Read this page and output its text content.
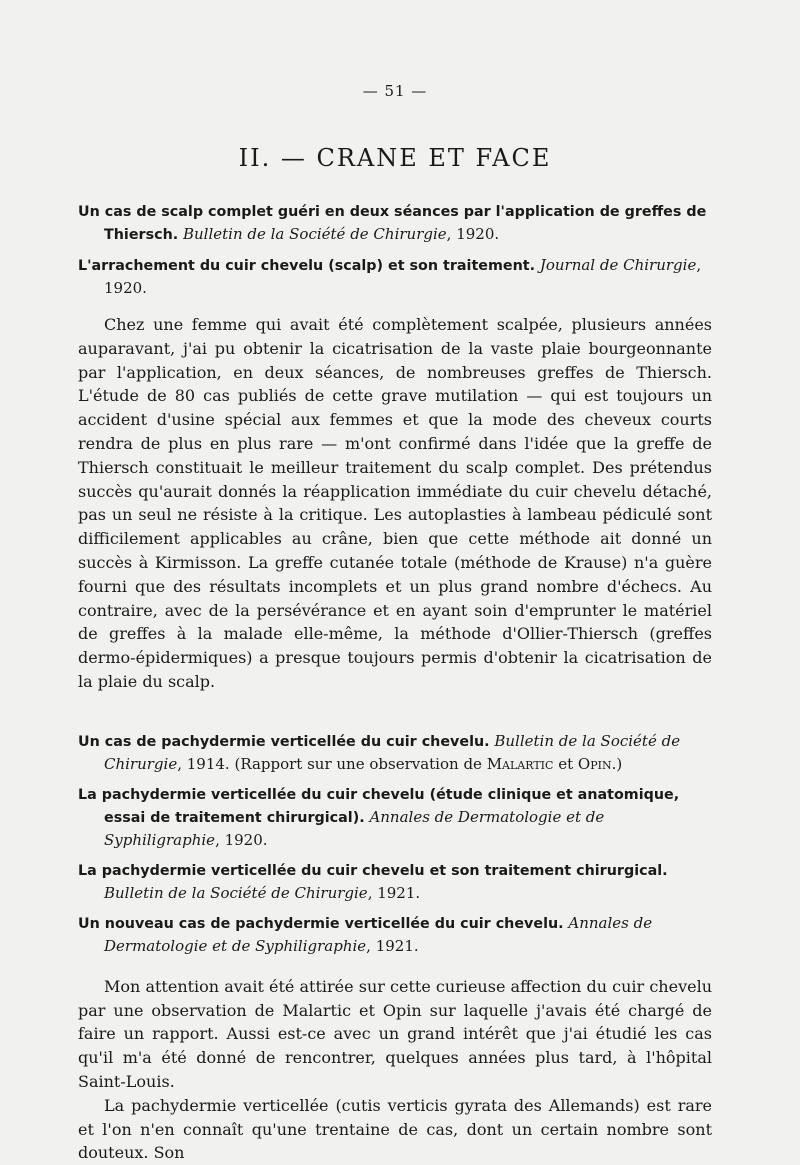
— 51 —
II. — CRANE ET FACE

Un cas de scalp complet guéri en deux séances par l'application de greffes de Thiersch. Bulletin de la Société de Chirurgie, 1920.

L'arrachement du cuir chevelu (scalp) et son traitement. Journal de Chirurgie, 1920.

Chez une femme qui avait été complètement scalpée, plusieurs années auparavant, j'ai pu obtenir la cicatrisation de la vaste plaie bourgeonnante par l'application, en deux séances, de nombreuses greffes de Thiersch. L'étude de 80 cas publiés de cette grave mutilation — qui est toujours un accident d'usine spécial aux femmes et que la mode des cheveux courts rendra de plus en plus rare — m'ont confirmé dans l'idée que la greffe de Thiersch constituait le meilleur traitement du scalp complet. Des prétendus succès qu'aurait donnés la réapplication immédiate du cuir chevelu détaché, pas un seul ne résiste à la critique. Les autoplasties à lambeau pédiculé sont difficilement applicables au crâne, bien que cette méthode ait donné un succès à Kirmisson. La greffe cutanée totale (méthode de Krause) n'a guère fourni que des résultats incomplets et un plus grand nombre d'échecs. Au contraire, avec de la persévérance et en ayant soin d'emprunter le matériel de greffes à la malade elle-même, la méthode d'Ollier-Thiersch (greffes dermo-épidermiques) a presque toujours permis d'obtenir la cicatrisation de la plaie du scalp.

Un cas de pachydermie verticellée du cuir chevelu. Bulletin de la Société de Chirurgie, 1914. (Rapport sur une observation de Malartic et Opin.)

La pachydermie verticellée du cuir chevelu (étude clinique et anatomique, essai de traitement chirurgical). Annales de Dermatologie et de Syphiligraphie, 1920.

La pachydermie verticellée du cuir chevelu et son traitement chirurgical. Bulletin de la Société de Chirurgie, 1921.

Un nouveau cas de pachydermie verticellée du cuir chevelu. Annales de Dermatologie et de Syphiligraphie, 1921.

Mon attention avait été attirée sur cette curieuse affection du cuir chevelu par une observation de Malartic et Opin sur laquelle j'avais été chargé de faire un rapport. Aussi est-ce avec un grand intérêt que j'ai étudié les cas qu'il m'a été donné de rencontrer, quelques années plus tard, à l'hôpital Saint-Louis.

La pachydermie verticellée (cutis verticis gyrata des Allemands) est rare et l'on n'en connaît qu'une trentaine de cas, dont un certain nombre sont douteux. Son
